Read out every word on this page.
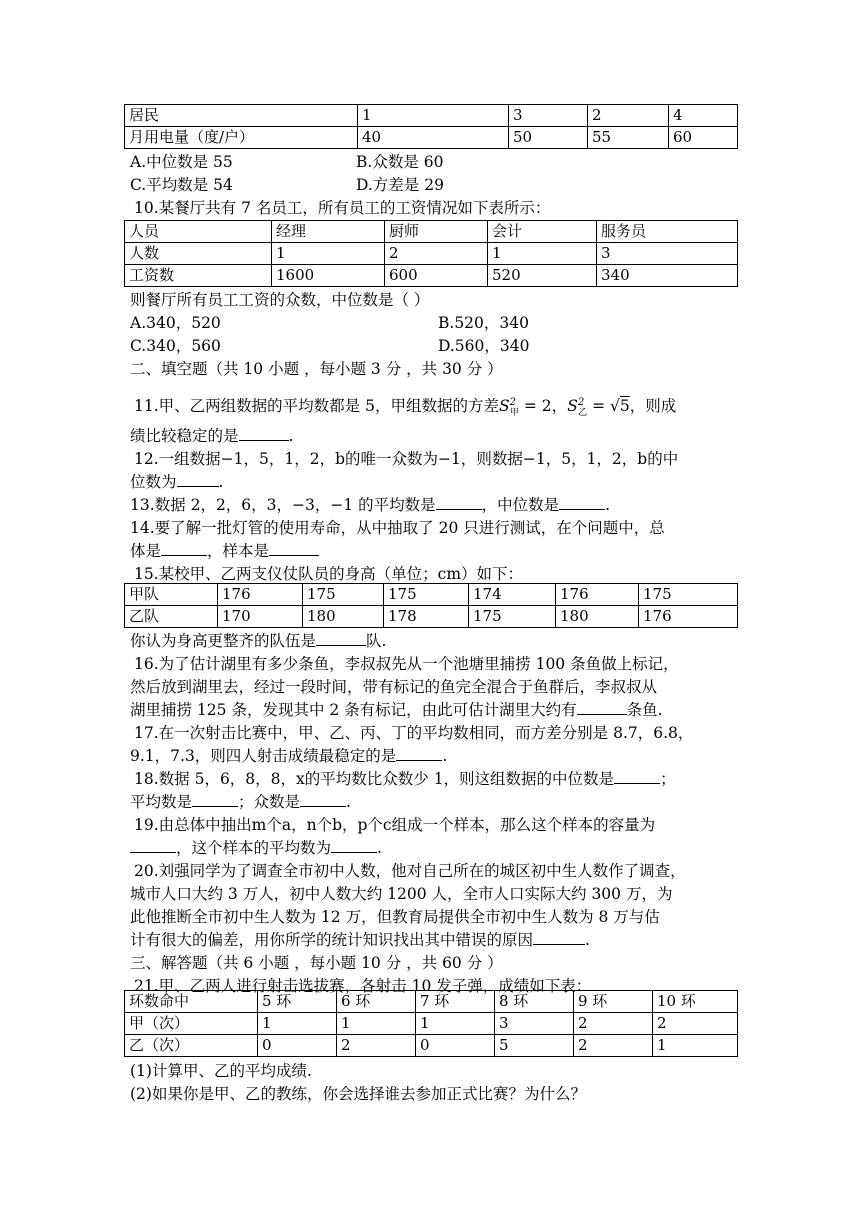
居民	1	3	2	4
月用电量（度/户）	40	50	55	60
A.中位数是 55	B.众数是 60
C.平均数是 54	D.方差是 29
10.某餐厅共有 7 名员工，所有员工的工资情况如下表所示：
人员	经理	厨师	会计	服务员
人数	1	2	1	3
工资数	1600	600	520	340
则餐厅所有员工工资的众数，中位数是（ ）
A.340，520	B.520，340
C.340，560	D.560，340
二、填空题（共 10 小题 ，每小题 3 分 ，共 30 分 ）
11.甲、乙两组数据的平均数都是 5，甲组数据的方差$S^2_甲 = 2$，$S^2_乙 = √5$，则成
绩比较稳定的是	.
12.一组数据−1，5，1，2，b的唯一众数为−1，则数据−1，5，1，2，b的中
位数为	.
13.数据 2，2，6，3，−3，−1 的平均数是	，中位数是	.
14.要了解一批灯管的使用寿命，从中抽取了 20 只进行测试，在个问题中，总
体是	，样本是
15.某校甲、乙两支仪仗队员的身高（单位；cm）如下：
甲队	176	175	175	174	176	175
乙队	170	180	178	175	180	176
你认为身高更整齐的队伍是	队.
16.为了估计湖里有多少条鱼，李叔叔先从一个池塘里捕捞 100 条鱼做上标记，
然后放到湖里去，经过一段时间，带有标记的鱼完全混合于鱼群后，李叔叔从
湖里捕捞 125 条，发现其中 2 条有标记，由此可估计湖里大约有	条鱼.
17.在一次射击比赛中，甲、乙、丙、丁的平均数相同，而方差分别是 8.7，6.8，
9.1，7.3，则四人射击成绩最稳定的是	.
18.数据 5，6，8，8，x的平均数比众数少 1，则这组数据的中位数是	；
平均数是	；众数是	.
19.由总体中抽出m个a，n个b，p个c组成一个样本，那么这个样本的容量为
，这个样本的平均数为	.
20.刘强同学为了调查全市初中人数，他对自己所在的城区初中生人数作了调查，
城市人口大约 3 万人，初中人数大约 1200 人，全市人口实际大约 300 万，为
此他推断全市初中生人数为 12 万，但教育局提供全市初中生人数为 8 万与估
计有很大的偏差，用你所学的统计知识找出其中错误的原因	.
三、解答题（共 6 小题 ，每小题 10 分 ，共 60 分 ）
21.甲、乙两人进行射击选拔赛，各射击 10 发子弹，成绩如下表：
环数命中	5 环	6 环	7 环	8 环	9 环	10 环
甲（次）	1	1	1	3	2	2
乙（次）	0	2	0	5	2	1
(1)计算甲、乙的平均成绩.
(2)如果你是甲、乙的教练，你会选择谁去参加正式比赛？为什么？
